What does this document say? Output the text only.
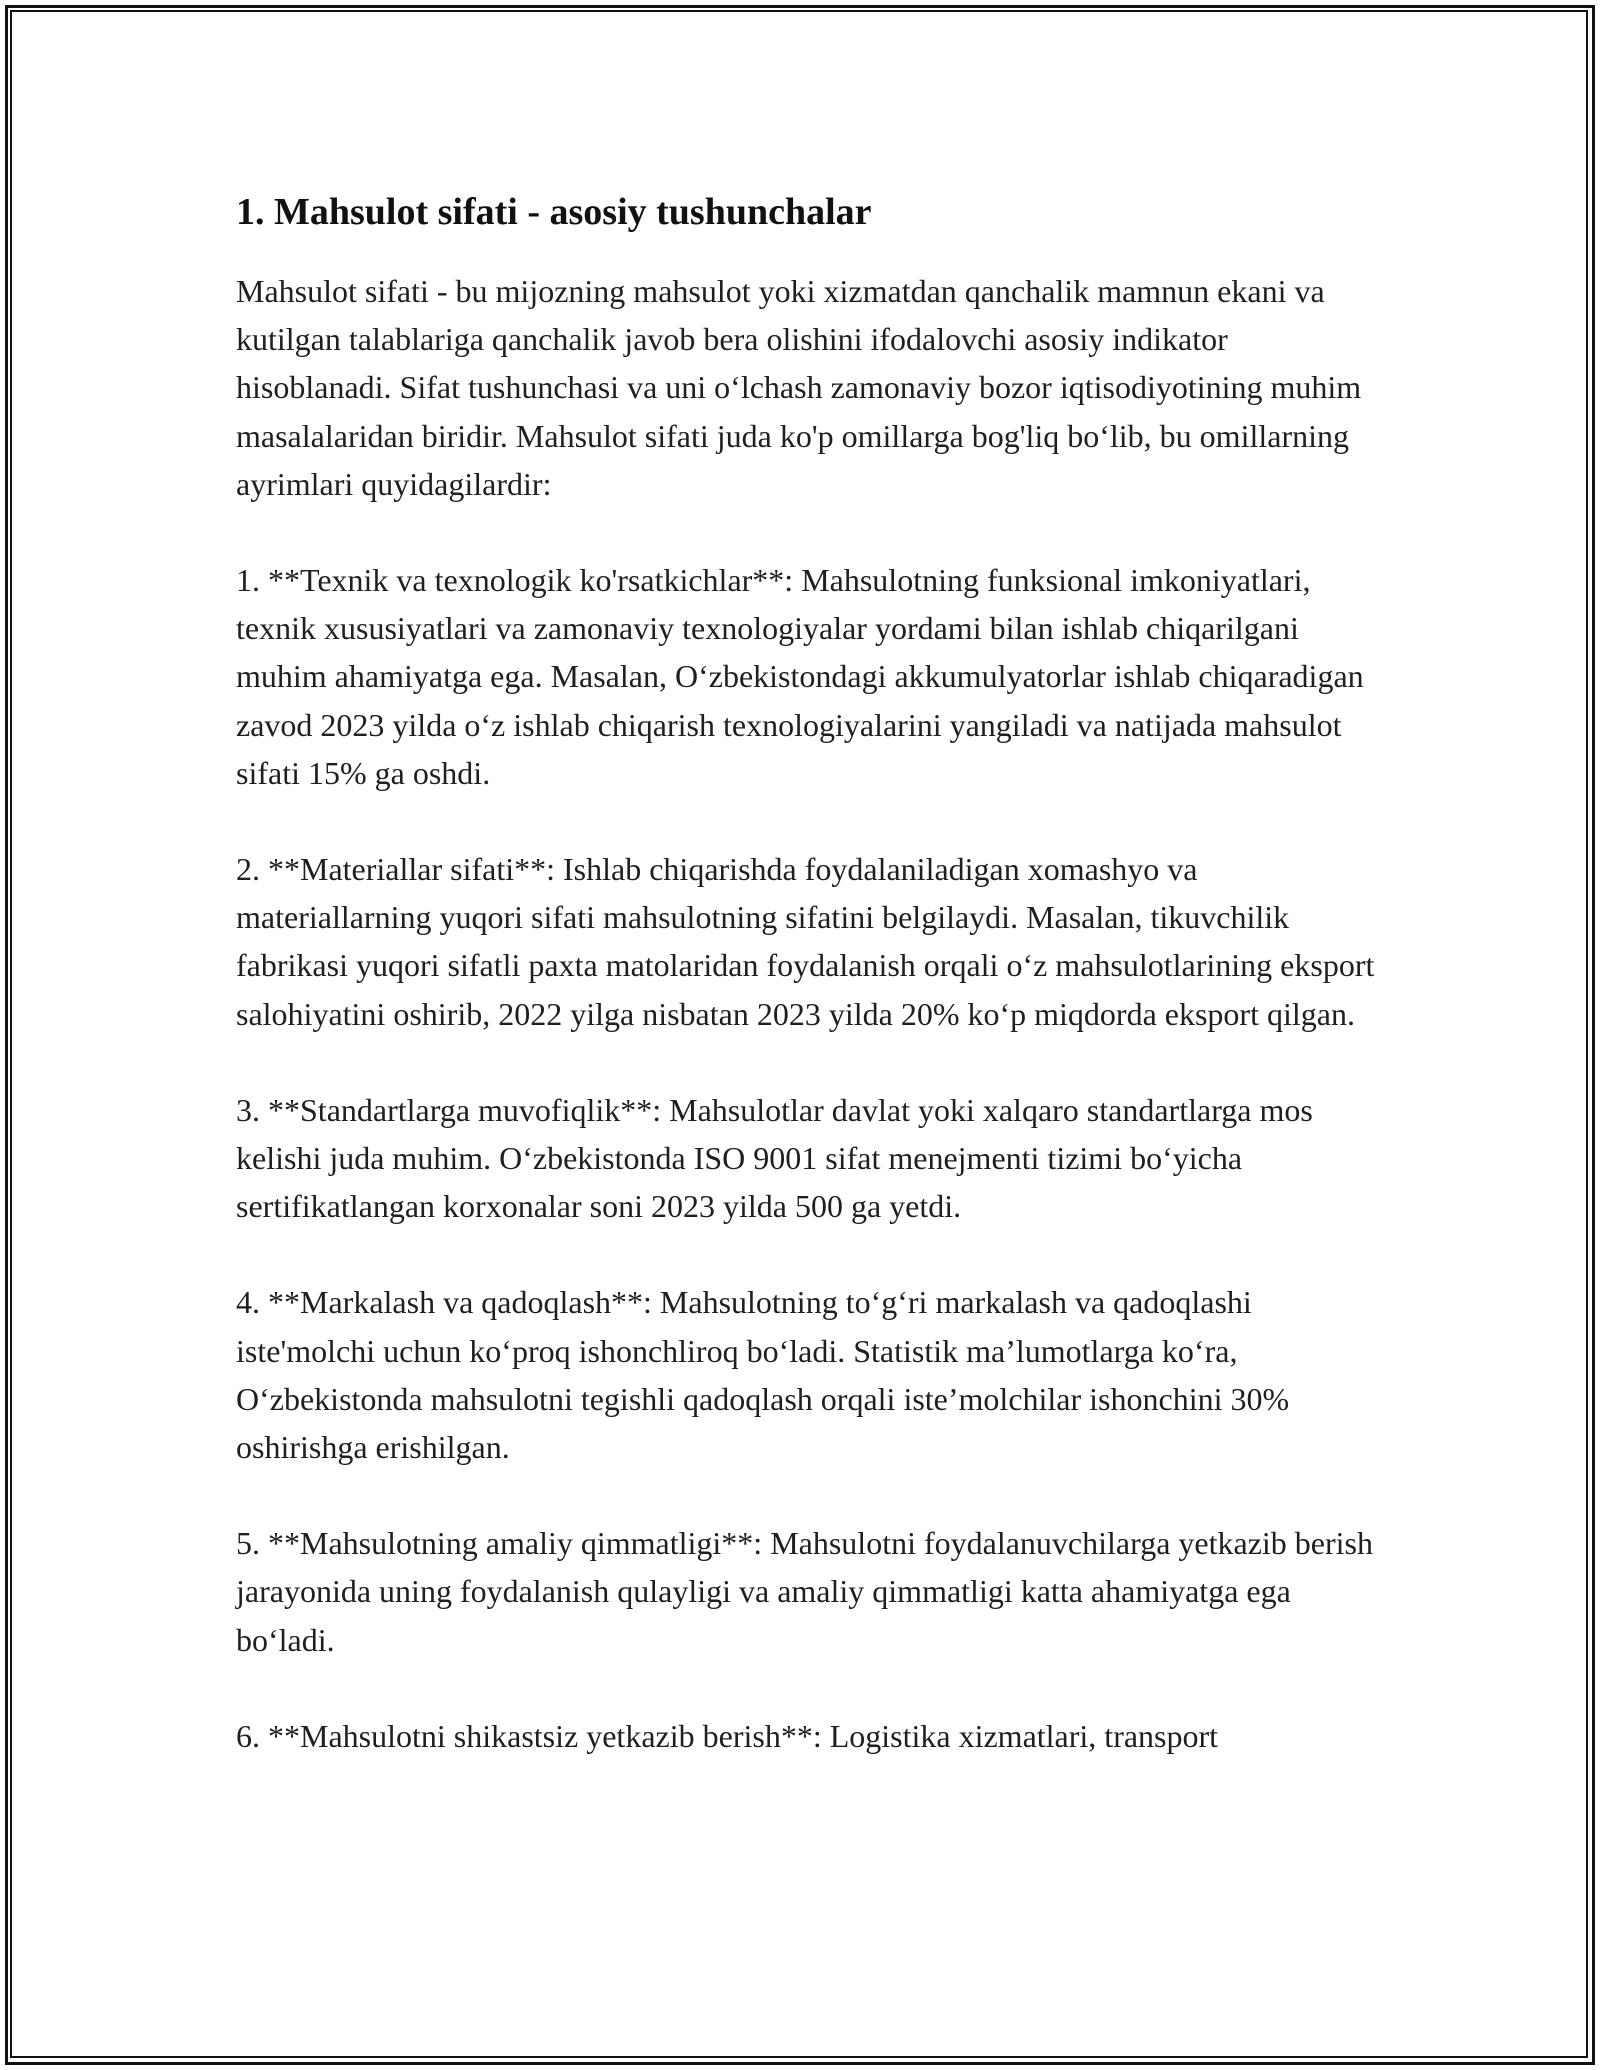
1. Mahsulot sifati - asosiy tushunchalar

Mahsulot sifati - bu mijozning mahsulot yoki xizmatdan qanchalik mamnun ekani va kutilgan talablariga qanchalik javob bera olishini ifodalovchi asosiy indikator hisoblanadi. Sifat tushunchasi va uni oʻlchash zamonaviy bozor iqtisodiyotining muhim masalalaridan biridir. Mahsulot sifati juda ko'p omillarga bog'liq boʻlib, bu omillarning ayrimlari quyidagilardir:

1. **Texnik va texnologik ko'rsatkichlar**: Mahsulotning funksional imkoniyatlari, texnik xususiyatlari va zamonaviy texnologiyalar yordami bilan ishlab chiqarilgani muhim ahamiyatga ega. Masalan, Oʻzbekistondagi akkumulyatorlar ishlab chiqaradigan zavod 2023 yilda oʻz ishlab chiqarish texnologiyalarini yangiladi va natijada mahsulot sifati 15% ga oshdi.

2. **Materiallar sifati**: Ishlab chiqarishda foydalaniladigan xomashyo va materiallarning yuqori sifati mahsulotning sifatini belgilaydi. Masalan, tikuvchilik fabrikasi yuqori sifatli paxta matolaridan foydalanish orqali oʻz mahsulotlarining eksport salohiyatini oshirib, 2022 yilga nisbatan 2023 yilda 20% koʻp miqdorda eksport qilgan.

3. **Standartlarga muvofiqlik**: Mahsulotlar davlat yoki xalqaro standartlarga mos kelishi juda muhim. Oʻzbekistonda ISO 9001 sifat menejmenti tizimi boʻyicha sertifikatlangan korxonalar soni 2023 yilda 500 ga yetdi.

4. **Markalash va qadoqlash**: Mahsulotning toʻgʻri markalash va qadoqlashi iste'molchi uchun koʻproq ishonchliroq boʻladi. Statistik maʼlumotlarga koʻra, Oʻzbekistonda mahsulotni tegishli qadoqlash orqali isteʼmolchilar ishonchini 30% oshirishga erishilgan.

5. **Mahsulotning amaliy qimmatligi**: Mahsulotni foydalanuvchilarga yetkazib berish jarayonida uning foydalanish qulayligi va amaliy qimmatligi katta ahamiyatga ega boʻladi.

6. **Mahsulotni shikastsiz yetkazib berish**: Logistika xizmatlari, transport
